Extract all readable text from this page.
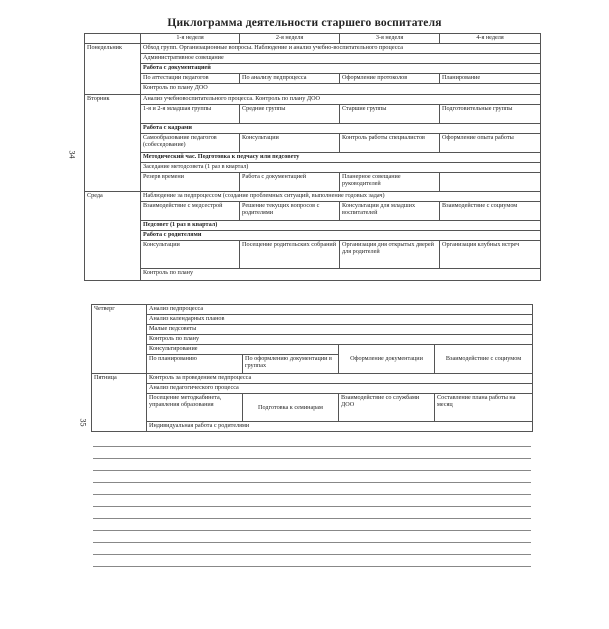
Циклограмма деятельности старшего воспитателя
34
35
	1-я неделя	2-я неделя	3-я неделя	4-я неделя
Понедельник	Обход групп. Организационные вопросы. Наблюдение и анализ учебно-воспитательного процесса			
	Административное совещание			
	Работа с документацией			
	По аттестации педагогов	По анализу педпроцесса	Оформление протоколов	Планирование
	Контроль по плану ДОО			
Вторник	Анализ учебновоспитательного процесса. Контроль по плану ДОО			
	1-я и 2-я младшая группы	Средние группы	Старшие группы	Подготовительные группы
	Работа с кадрами			
	Самообразование педагогов (собеседование)	Консультации	Контроль работы специалистов	Оформление опыта работы
	Методический час. Подготовка к педчасу или педсовету			
	Заседание методсовета (1 раз в квартал)			
	Резерв времени	Работа с документацией	Планерное совещание руководителей	
Среда	Наблюдение за педпроцессом (создание проблемных ситуаций, выполнение годовых задач)			
	Взаимодействие с медсестрой	Решение текущих вопросов с родителями	Консультации для младших воспитателей	Взаимодействие с социумом
	Педсовет (1 раз в квартал)			
	Работа с родителями			
	Консультации	Посещение родительских собраний	Организация дня открытых дверей для родителей	Организация клубных встреч
	Контроль по плану			
Четверг	Анализ педпроцесса			
	Анализ календарных планов			
	Малые педсоветы			
	Контроль по плану			
	Консультирование		Оформление документации	Взаимодействие с социумом
	По планированию	По оформлению документации в группах		
Пятница	Контроль за проведением педпроцесса			
	Анализ педагогического процесса			
	Посещение методкабинета, управления образования	Подготовка к семинарам	Взаимодействие со службами ДОО	Составление плана работы на месяц
	Индивидуальная работа с родителями			
